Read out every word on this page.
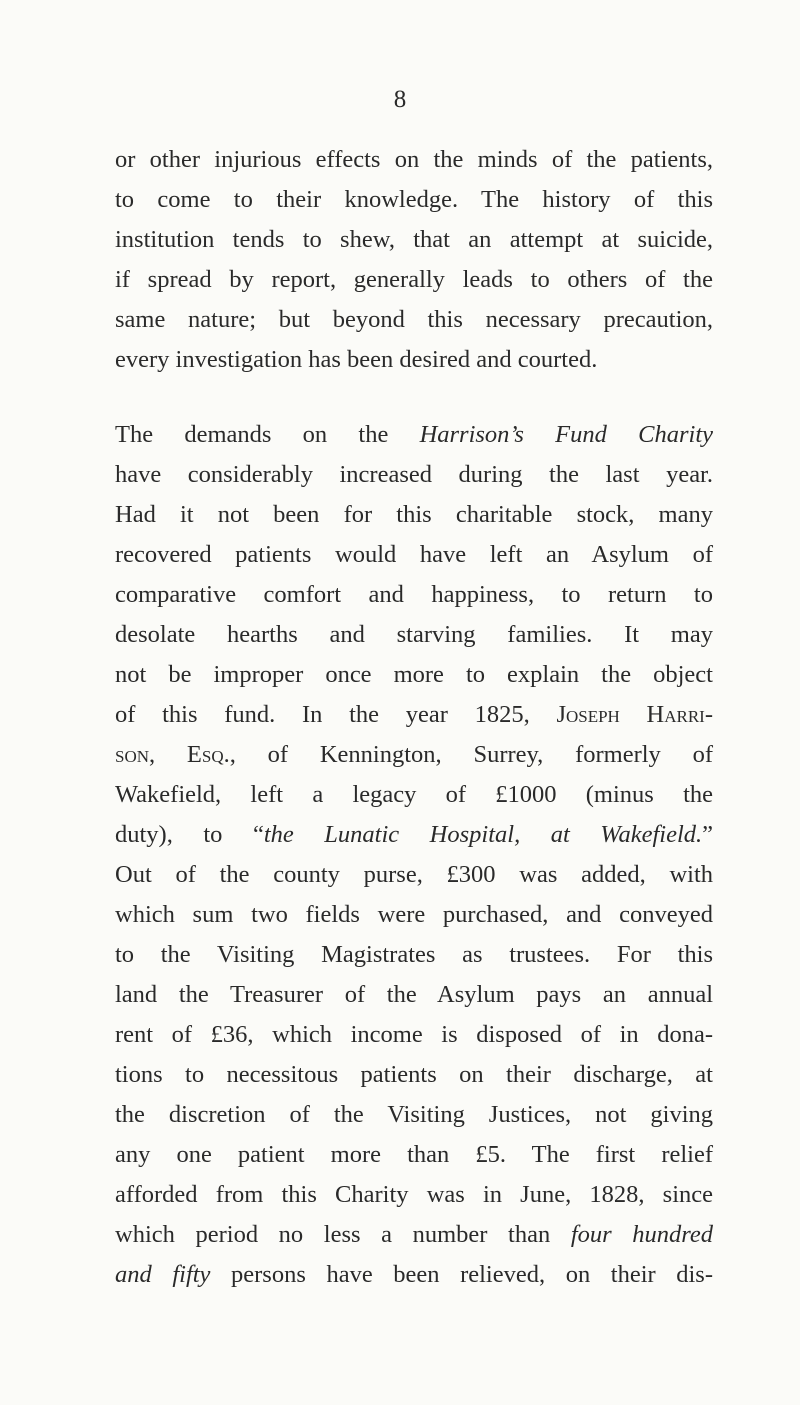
8
or other injurious effects on the minds of the patients,
to come to their knowledge. The history of this
institution tends to shew, that an attempt at suicide,
if spread by report, generally leads to others of the
same nature; but beyond this necessary precaution,
every investigation has been desired and courted.
The demands on the Harrison’s Fund Charity
have considerably increased during the last year.
Had it not been for this charitable stock, many
recovered patients would have left an Asylum of
comparative comfort and happiness, to return to
desolate hearths and starving families. It may
not be improper once more to explain the object
of this fund. In the year 1825, Joseph Harri-
son, Esq., of Kennington, Surrey, formerly of
Wakefield, left a legacy of £1000 (minus the
duty), to “the Lunatic Hospital, at Wakefield.”
Out of the county purse, £300 was added, with
which sum two fields were purchased, and conveyed
to the Visiting Magistrates as trustees. For this
land the Treasurer of the Asylum pays an annual
rent of £36, which income is disposed of in dona-
tions to necessitous patients on their discharge, at
the discretion of the Visiting Justices, not giving
any one patient more than £5. The first relief
afforded from this Charity was in June, 1828, since
which period no less a number than four hundred
and fifty persons have been relieved, on their dis-
